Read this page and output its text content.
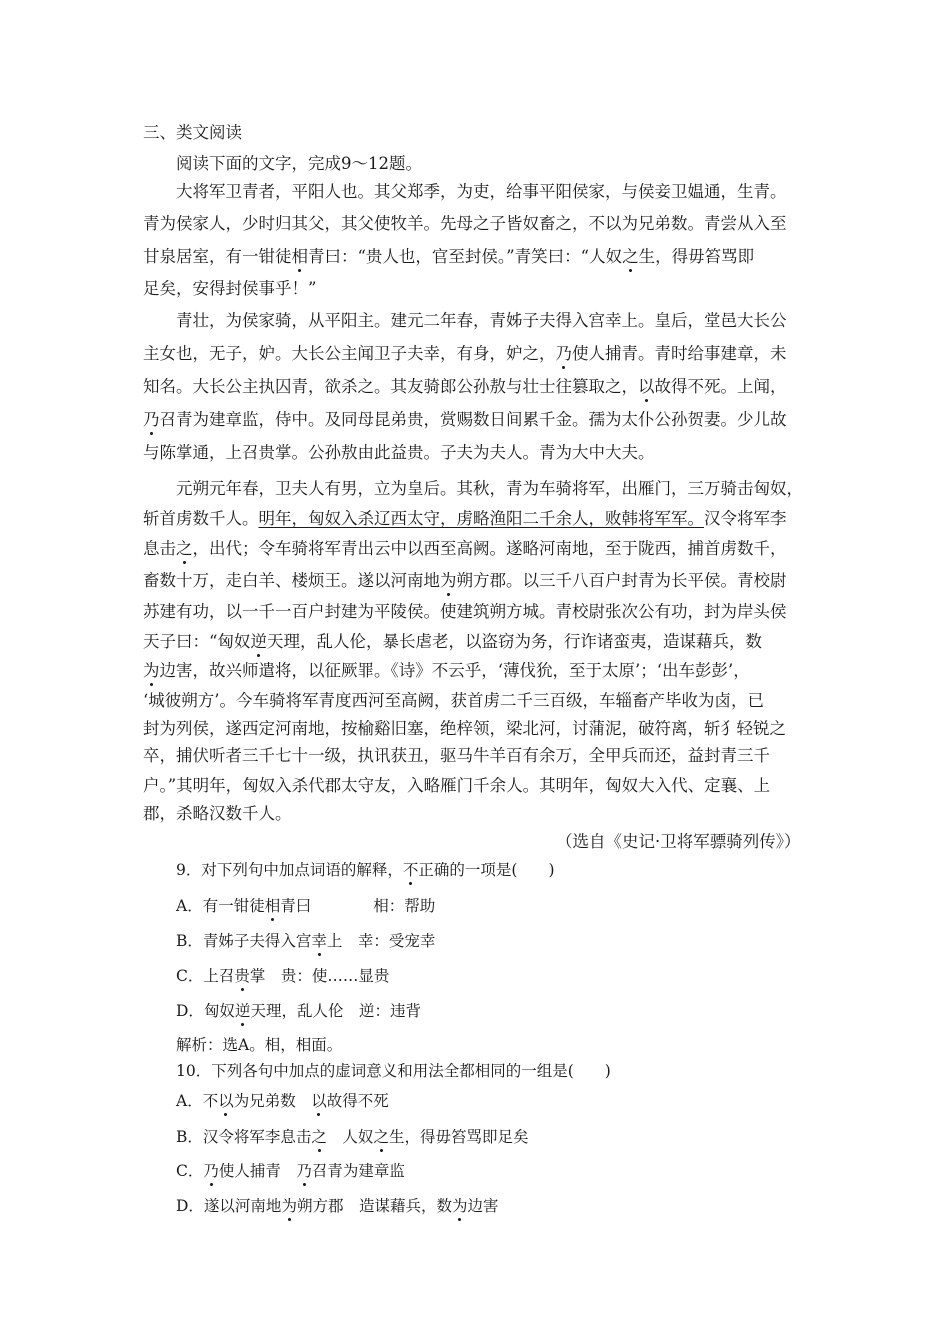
三、类文阅读
阅读下面的文字，完成9～12题。
大将军卫青者，平阳人也。其父郑季，为吏，给事平阳侯家，与侯妾卫媪通，生青。
青为侯家人，少时归其父，其父使牧羊。先母之子皆奴畜之，不以为兄弟数。青尝从入至
甘泉居室，有一钳徒相青曰：“贵人也，官至封侯。”青笑曰：“人奴之生，得毋笞骂即
足矣，安得封侯事乎！”
青壮，为侯家骑，从平阳主。建元二年春，青姊子夫得入宫幸上。皇后，堂邑大长公
主女也，无子，妒。大长公主闻卫子夫幸，有身，妒之，乃使人捕青。青时给事建章，未
知名。大长公主执囚青，欲杀之。其友骑郎公孙敖与壮士往篡取之，以故得不死。上闻，
乃召青为建章监，侍中。及同母昆弟贵，赏赐数日间累千金。孺为太仆公孙贺妻。少儿故
与陈掌通，上召贵掌。公孙敖由此益贵。子夫为夫人。青为大中大夫。
元朔元年春，卫夫人有男，立为皇后。其秋，青为车骑将军，出雁门，三万骑击匈奴，
斩首虏数千人。明年，匈奴入杀辽西太守，虏略渔阳二千余人，败韩将军军。汉令将军李
息击之，出代；令车骑将军青出云中以西至高阙。遂略河南地，至于陇西，捕首虏数千，
畜数十万，走白羊、楼烦王。遂以河南地为朔方郡。以三千八百户封青为长平侯。青校尉
苏建有功，以一千一百户封建为平陵侯。使建筑朔方城。青校尉张次公有功，封为岸头侯
天子曰：“匈奴逆天理，乱人伦，暴长虐老，以盗窃为务，行诈诸蛮夷，造谋藉兵，数
为边害，故兴师遣将，以征厥罪。《诗》不云乎，‘薄伐狁，至于太原’；‘出车彭彭’，
‘城彼朔方’。今车骑将军青度西河至高阙，获首虏二千三百级，车辎畜产毕收为卤，已
封为列侯，遂西定河南地，按榆谿旧塞，绝梓领，梁北河，讨蒲泥，破符离，斩犭轻锐之
卒，捕伏听者三千七十一级，执讯获丑，驱马牛羊百有余万，全甲兵而还，益封青三千
户。”其明年，匈奴入杀代郡太守友，入略雁门千余人。其明年，匈奴大入代、定襄、上
郡，杀略汉数千人。
（选自《史记·卫将军骠骑列传》）
9．对下列句中加点词语的解释，不正确的一项是(　　)
A．有一钳徒相青曰　　　　相：帮助
B．青姊子夫得入宫幸上　幸：受宠幸
C．上召贵掌　贵：使……显贵
D．匈奴逆天理，乱人伦　逆：违背
解析：选A。相，相面。
10．下列各句中加点的虚词意义和用法全都相同的一组是(　　)
A．不以为兄弟数　以故得不死
B．汉令将军李息击之　人奴之生，得毋笞骂即足矣
C．乃使人捕青　乃召青为建章监
D．遂以河南地为朔方郡　造谋藉兵，数为边害
